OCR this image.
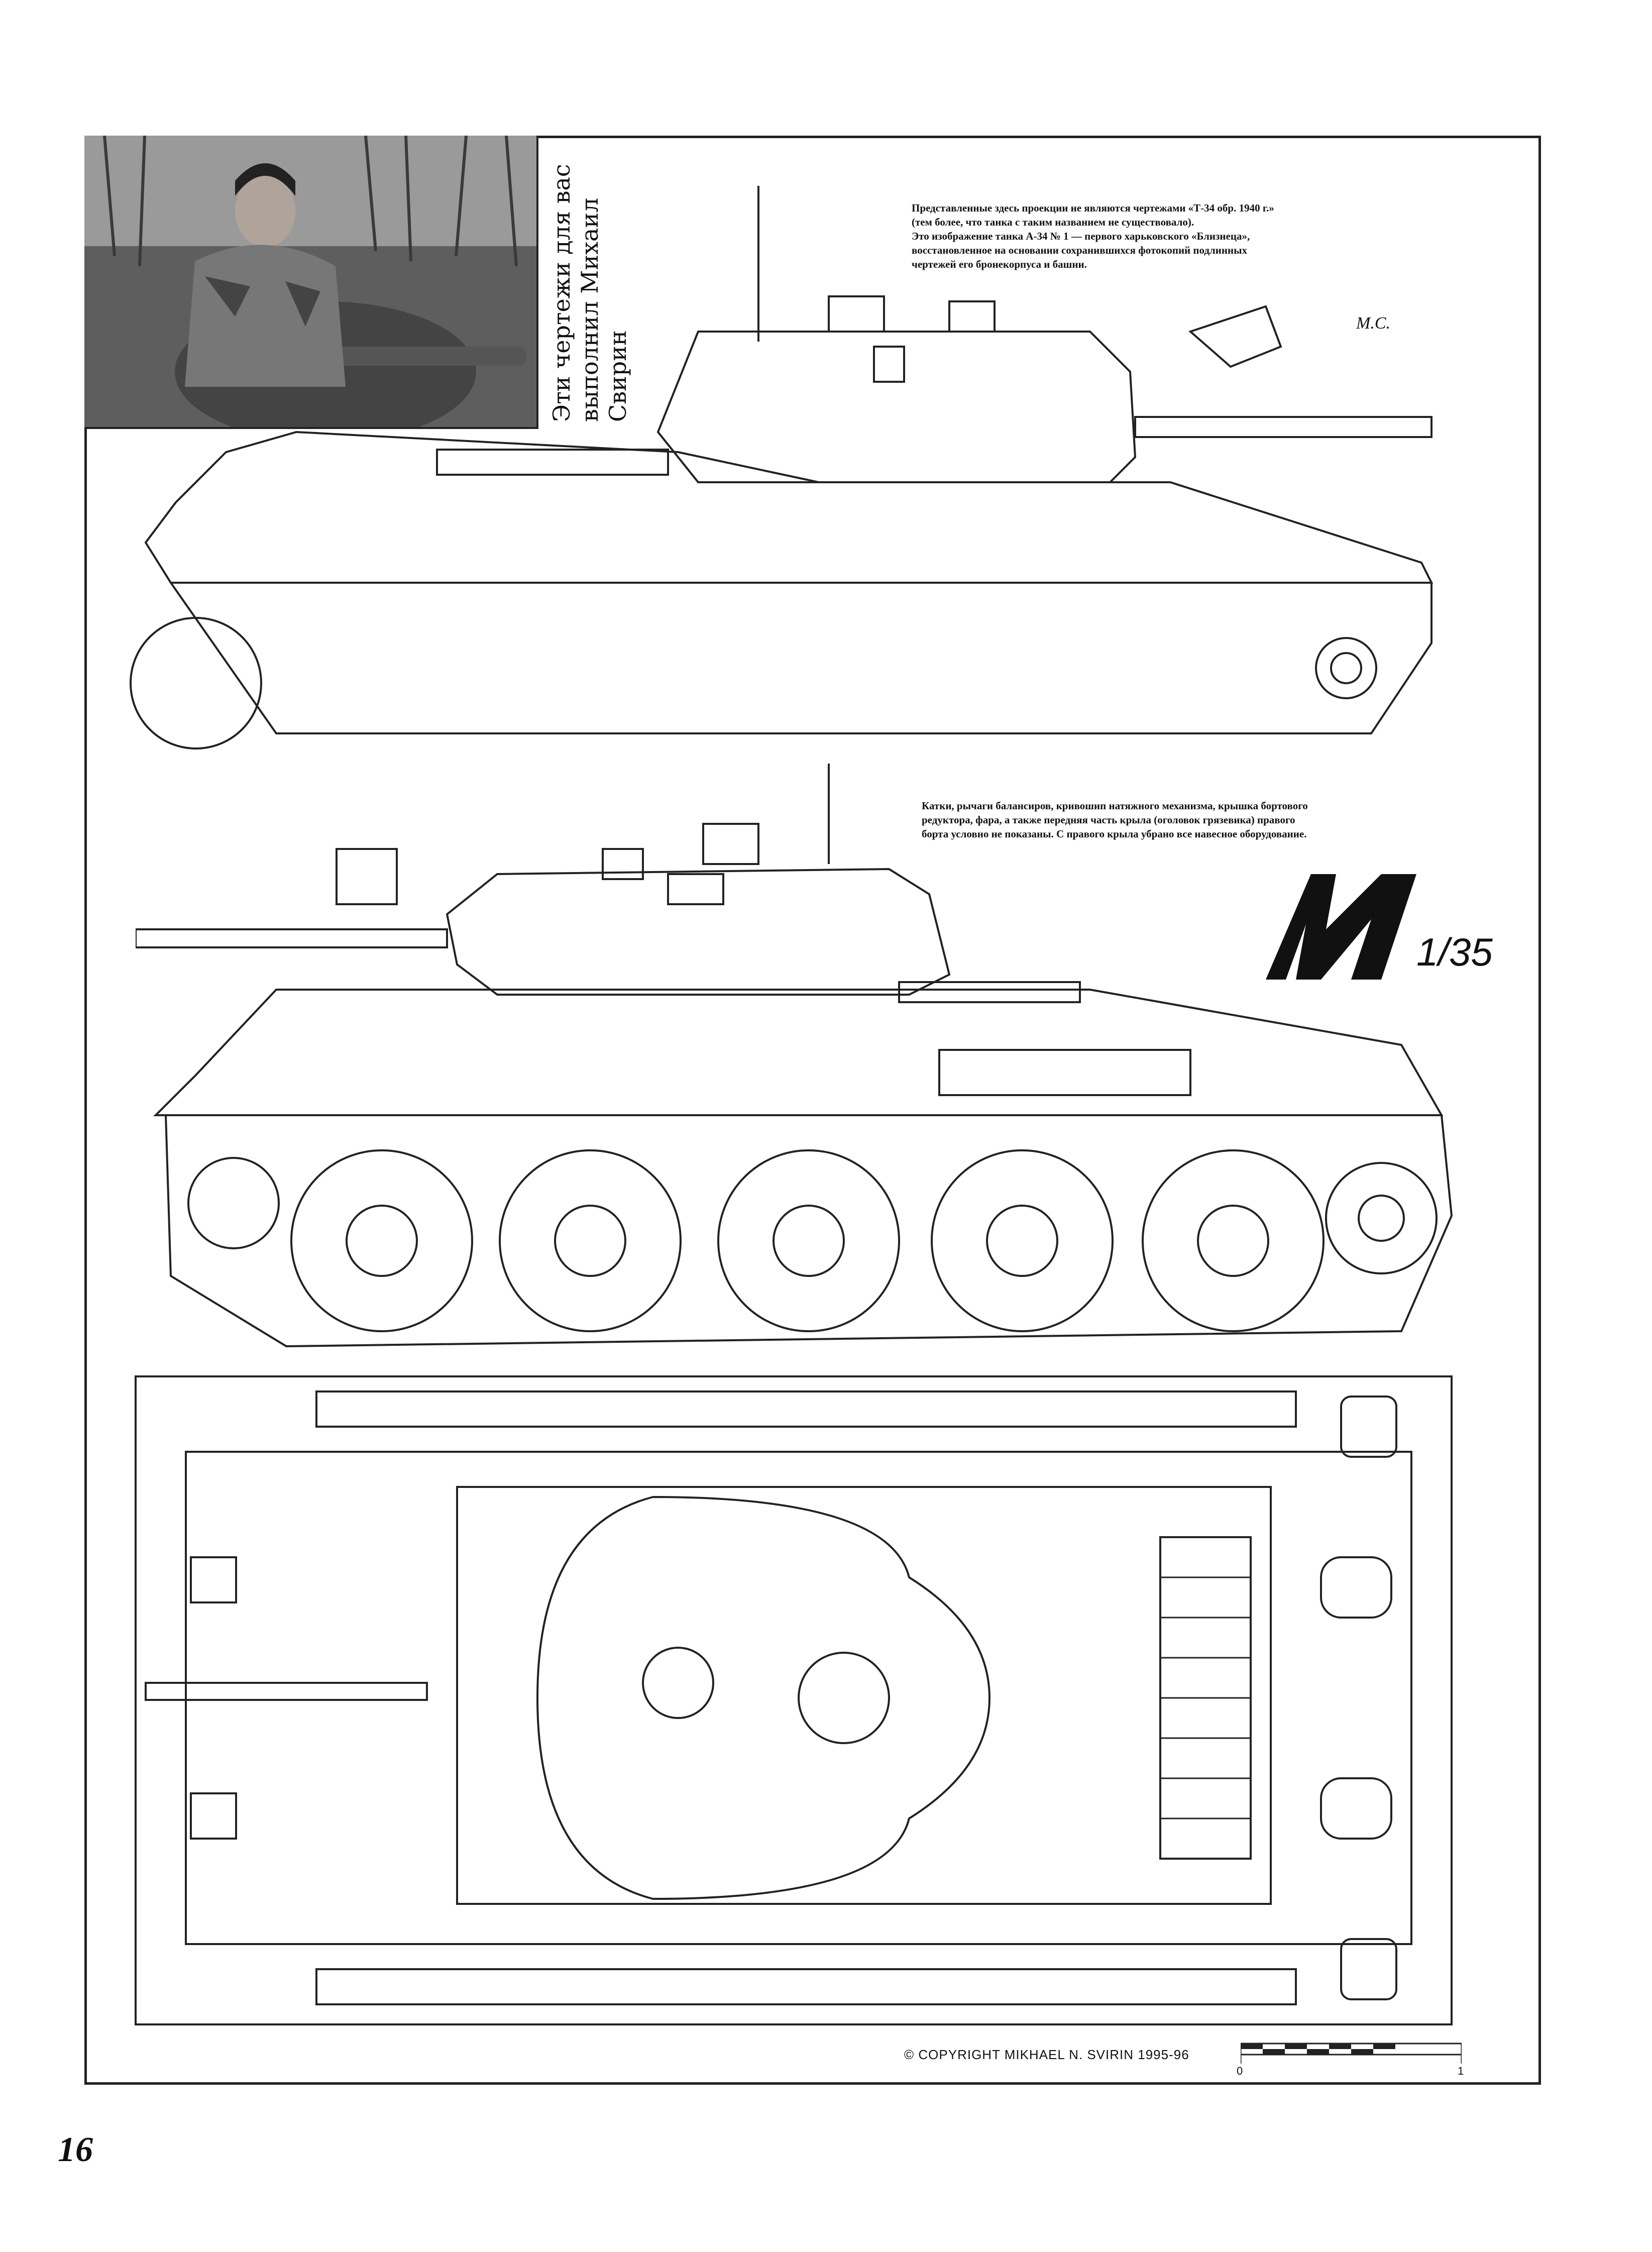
Эти чертежи для вас выполнил Михаил Свирин
Представленные здесь проекции не являются чертежами «Т-34 обр. 1940 г.»
(тем более, что танка с таким названием не существовало).
Это изображение танка А-34 № 1 — первого харьковского «Близнеца»,
восстановленное на основании сохранившихся фотокопий подлинных
чертежей его бронекорпуса и башни.
М.С.
Катки, рычаги балансиров, кривошип натяжного механизма, крышка бортового
редуктора, фара, а также передняя часть крыла (оголовок грязевика) правого
борта условно не показаны. С правого крыла убрано все навесное оборудование.
1/35
© COPYRIGHT MIKHAEL N. SVIRIN 1995-96
0	1
16
